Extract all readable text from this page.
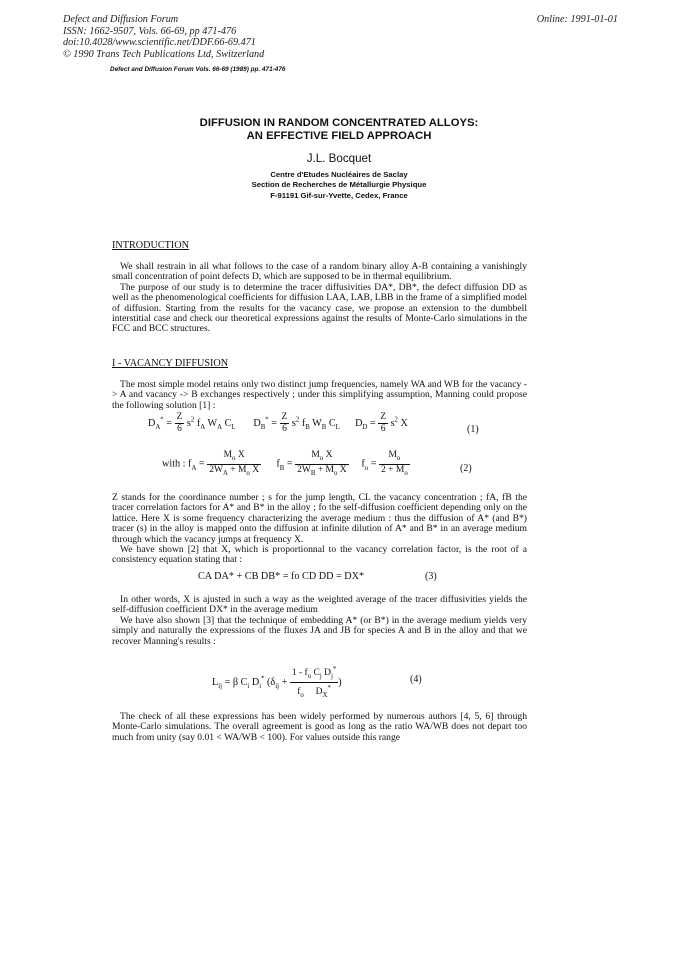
Defect and Diffusion Forum
ISSN: 1662-9507, Vols. 66-69, pp 471-476
doi:10.4028/www.scientific.net/DDF.66-69.471
© 1990 Trans Tech Publications Ltd, Switzerland
Online: 1991-01-01
Defect and Diffusion Forum Vols. 66-69 (1989) pp. 471-476
DIFFUSION IN RANDOM CONCENTRATED ALLOYS:
AN EFFECTIVE FIELD APPROACH
J.L. Bocquet
Centre d'Etudes Nucléaires de Saclay
Section de Recherches de Métallurgie Physique
F-91191 Gif-sur-Yvette, Cedex, France
INTRODUCTION

We shall restrain in all what follows to the case of a random binary alloy A-B containing a vanishingly small concentration of point defects D, which are supposed to be in thermal equilibrium.

The purpose of our study is to determine the tracer diffusivities DA*, DB*, the defect diffusion DD as well as the phenomenological coefficients for diffusion LAA, LAB, LBB in the frame of a simplified model of diffusion. Starting from the results for the vacancy case, we propose an extension to the dumbbell interstitial case and check our theoretical expressions against the results of Monte-Carlo simulations in the FCC and BCC structures.

I - VACANCY DIFFUSION

The most simple model retains only two distinct jump frequencies, namely WA and WB for the vacancy -> A and vacancy -> B exchanges respectively ; under this simplifying assumption, Manning could propose the following solution [1] :

$D_A^* = \frac{Z}{6} s^2$ $f_A$ $W_A$ $C_L$       $D_B^* = \frac{Z}{6} s^2$ $f_B$ $W_B$ $C_L$      $D_D = \frac{Z}{6} s^2$ X
(1)
with : $f_A = \frac{M_o X}{2W_A + M_o X} f_B = \frac{M_o X}{2W_B + M_o X} f_o = \frac{M_o}{2 + M_o}$	(2)

Z stands for the coordinance number ; s for the jump length, CL the vacancy concentration ; fA, fB the tracer correlation factors for A* and B* in the alloy ; fo the self-diffusion coefficient depending only on the lattice. Here X is some frequency characterizing the average medium : thus the diffusion of A* (and B*) tracer (s) in the alloy is mapped onto the diffusion at infinite dilution of A* and B* in an average medium through which the vacancy jumps at frequency X.

We have shown [2] that X, which is proportionnal to the vacancy correlation factor, is the root of a consistency equation stating that :

CA DA* + CB DB* = fo CD DD = DX*	(3)

In other words, X is ajusted in such a way as the weighted average of the tracer diffusivities yields the self-diffusion coefficient DX* in the average medium

We have also shown [3] that the technique of embedding A* (or B*) in the average medium yields very simply and naturally the expressions of the fluxes JA and JB for species A and B in the alloy and that we recover Manning's results :

$L_{ij} = \beta$ $C_i$ $D_i^*$ ($\delta_{ij} + \frac{1 - f_o C_j D_j^*}{f_o D_X^*}$ )	(4)

The check of all these expressions has been widely performed by numerous authors [4, 5, 6] through Monte-Carlo simulations. The overall agreement is good as long as the ratio WA/WB does not depart too much from unity (say 0.01 < WA/WB < 100). For values outside this range
